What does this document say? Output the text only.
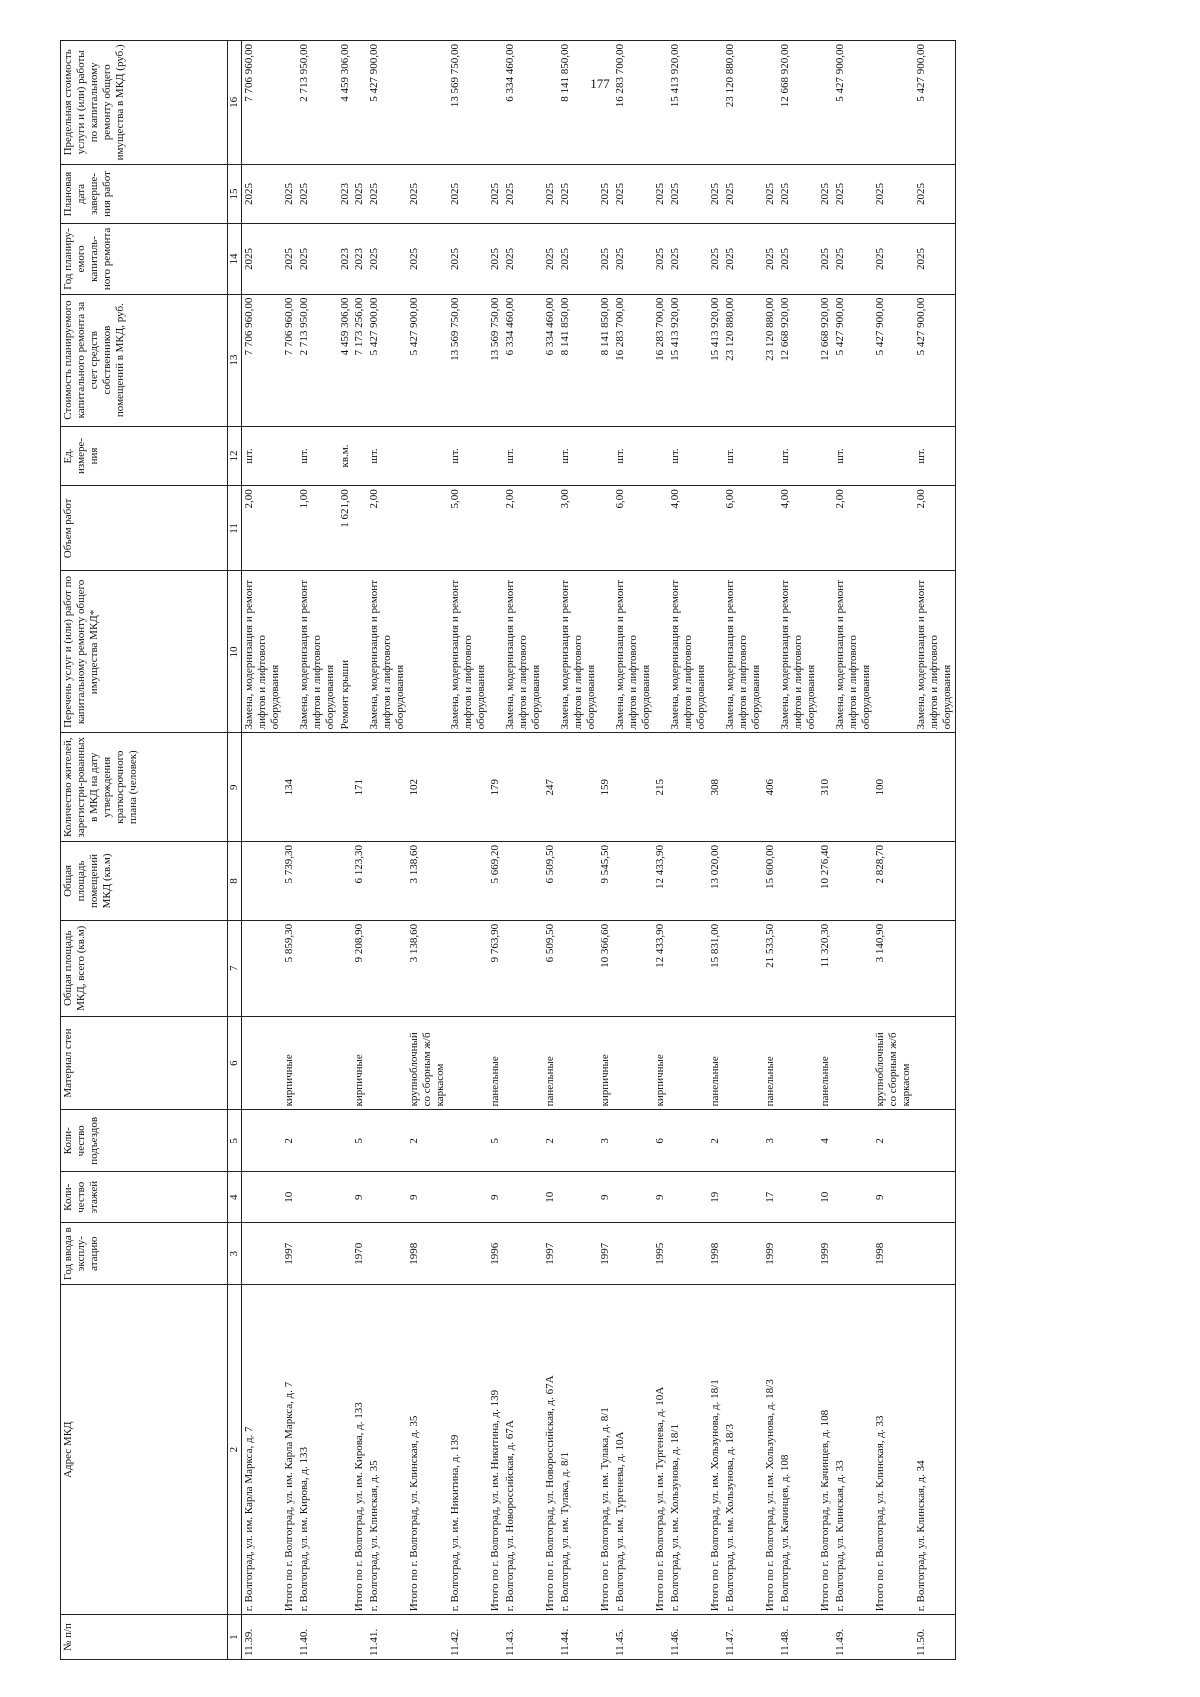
177
№ п/п	Адрес МКД	Год ввода в эксплу-атацию	Коли-чество этажей	Коли-чество подъездов	Материал стен	Общая площадь МКД, всего (кв.м)	Общая площадь помещений МКД (кв.м)	Количество жителей, зарегистри-рованных в МКД на дату утверждения краткосрочного плана (человек)	Перечень услуг и (или) работ по капитальному ремонту общего имущества МКД*	Объем работ	Ед. измере-ния	Стоимость планируемого капитального ремонта за счет средств собственников помещений в МКД, руб.	Год планиру-емого капиталь-ного ремонта	Плановая дата заверше-ния работ	Предельная стоимость услуги и (или) работы по капитальному ремонту общего имущества в МКД (руб.)
1	2	3	4	5	6	7	8	9	10	11	12	13	14	15	16
11.39.	г. Волгоград, ул. им. Карла Маркса, д. 7								Замена, модернизация и ремонт лифтов и лифтового оборудования	2,00	шт.	7 706 960,00	2025	2025	7 706 960,00
	Итого по г. Волгоград, ул. им. Карла Маркса, д. 7	1997	10	2	кирпичные	5 859,30	5 739,30	134				7 706 960,00	2025	2025	
11.40.	г. Волгоград, ул. им. Кирова, д. 133								Замена, модернизация и ремонт лифтов и лифтового оборудования	1,00	шт.	2 713 950,00	2025	2025	2 713 950,00
									Ремонт крыши	1 621,00	кв.м.	4 459 306,00	2023	2023	4 459 306,00
	Итого по г. Волгоград, ул. им. Кирова, д. 133	1970	9	5	кирпичные	9 208,90	6 123,30	171				7 173 256,00	2023	2025	
11.41.	г. Волгоград, ул. Клинская, д. 35								Замена, модернизация и ремонт лифтов и лифтового оборудования	2,00	шт.	5 427 900,00	2025	2025	5 427 900,00
	Итого по г. Волгоград, ул. Клинская, д. 35	1998	9	2	крупноблочный со сборным ж/б каркасом	3 138,60	3 138,60	102				5 427 900,00	2025	2025	
11.42.	г. Волгоград, ул. им. Никитина, д. 139								Замена, модернизация и ремонт лифтов и лифтового оборудования	5,00	шт.	13 569 750,00	2025	2025	13 569 750,00
	Итого по г. Волгоград, ул. им. Никитина, д. 139	1996	9	5	панельные	9 763,90	5 669,20	179				13 569 750,00	2025	2025	
11.43.	г. Волгоград, ул. Новороссийская, д. 67А								Замена, модернизация и ремонт лифтов и лифтового оборудования	2,00	шт.	6 334 460,00	2025	2025	6 334 460,00
	Итого по г. Волгоград, ул. Новороссийская, д. 67А	1997	10	2	панельные	6 509,50	6 509,50	247				6 334 460,00	2025	2025	
11.44.	г. Волгоград, ул. им. Тулака, д. 8/1								Замена, модернизация и ремонт лифтов и лифтового оборудования	3,00	шт.	8 141 850,00	2025	2025	8 141 850,00
	Итого по г. Волгоград, ул. им. Тулака, д. 8/1	1997	9	3	кирпичные	10 366,60	9 545,50	159				8 141 850,00	2025	2025	
11.45.	г. Волгоград, ул. им. Тургенева, д. 10А								Замена, модернизация и ремонт лифтов и лифтового оборудования	6,00	шт.	16 283 700,00	2025	2025	16 283 700,00
	Итого по г. Волгоград, ул. им. Тургенева, д. 10А	1995	9	6	кирпичные	12 433,90	12 433,90	215				16 283 700,00	2025	2025	
11.46.	г. Волгоград, ул. им. Хользунова, д. 18/1								Замена, модернизация и ремонт лифтов и лифтового оборудования	4,00	шт.	15 413 920,00	2025	2025	15 413 920,00
	Итого по г. Волгоград, ул. им. Хользунова, д. 18/1	1998	19	2	панельные	15 831,00	13 020,00	308				15 413 920,00	2025	2025	
11.47.	г. Волгоград, ул. им. Хользунова, д. 18/3								Замена, модернизация и ремонт лифтов и лифтового оборудования	6,00	шт.	23 120 880,00	2025	2025	23 120 880,00
	Итого по г. Волгоград, ул. им. Хользунова, д. 18/3	1999	17	3	панельные	21 533,50	15 600,00	406				23 120 880,00	2025	2025	
11.48.	г. Волгоград, ул. Качинцев, д. 108								Замена, модернизация и ремонт лифтов и лифтового оборудования	4,00	шт.	12 668 920,00	2025	2025	12 668 920,00
	Итого по г. Волгоград, ул. Качинцев, д. 108	1999	10	4	панельные	11 320,30	10 276,40	310				12 668 920,00	2025	2025	
11.49.	г. Волгоград, ул. Клинская, д. 33								Замена, модернизация и ремонт лифтов и лифтового оборудования	2,00	шт.	5 427 900,00	2025	2025	5 427 900,00
	Итого по г. Волгоград, ул. Клинская, д. 33	1998	9	2	крупноблочный со сборным ж/б каркасом	3 140,90	2 828,70	100				5 427 900,00	2025	2025	
11.50.	г. Волгоград, ул. Клинская, д. 34								Замена, модернизация и ремонт лифтов и лифтового оборудования	2,00	шт.	5 427 900,00	2025	2025	5 427 900,00
